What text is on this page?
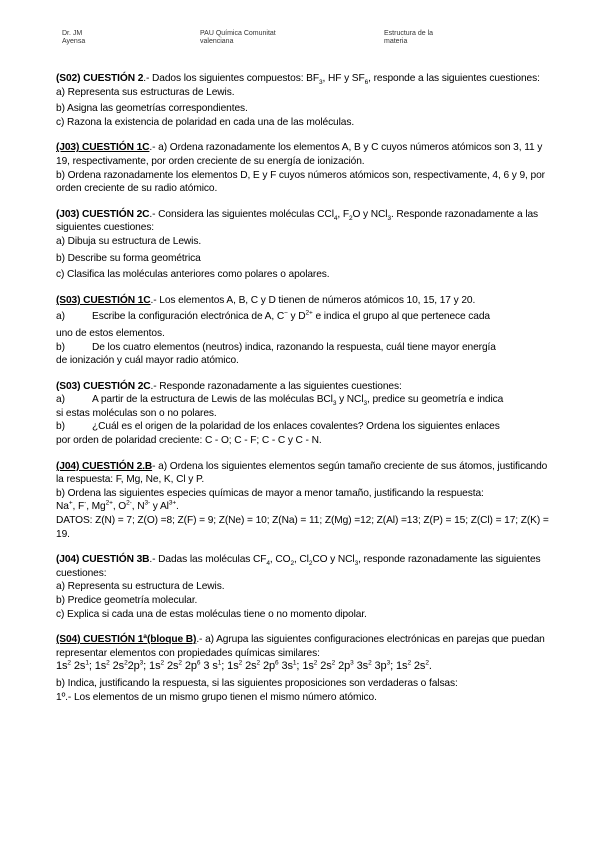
Dr. JM
Ayensa
PAU Química Comunitat
valenciana
Estructura de la
materia

(S02) CUESTIÓN 2.- Dados los siguientes compuestos: $BF_3$, HF y $SF_6$, responde a las siguientes cuestiones:

a) Representa sus estructuras de Lewis.

b) Asigna las geometrías correspondientes.

c) Razona la existencia de polaridad en cada una de las moléculas.

(J03) CUESTIÓN 1C.- a) Ordena razonadamente los elementos A, B y C cuyos números atómicos son 3, 11 y 19, respectivamente, por orden creciente de su energía de ionización.

b) Ordena razonadamente los elementos D, E y F cuyos números atómicos son, respectivamente, 4, 6 y 9, por orden creciente de su radio atómico.

(J03) CUESTIÓN 2C.- Considera las siguientes moléculas CCl$_4$, $F_2O$ y NCl$_3$. Responde razonadamente a las siguientes cuestiones:

a) Dibuja su estructura de Lewis.

b) Describe su forma geométrica

c) Clasifica las moléculas anteriores como polares o apolares.

(S03) CUESTIÓN 1C.- Los elementos A, B, C y D tienen de números atómicos 10, 15, 17 y 20.

a)	Escribe la configuración electrónica de A, C− y $D^{2+}$ e indica el grupo al que pertenece cada

uno de estos elementos.

b)	De los cuatro elementos (neutros) indica, razonando la respuesta, cuál tiene mayor energía

de ionización y cuál mayor radio atómico.

(S03) CUESTIÓN 2C.- Responde razonadamente a las siguientes cuestiones:

a)	A partir de la estructura de Lewis de las moléculas BCl$_3$ y NCl$_3$, predice su geometría e indica

si estas moléculas son o no polares.

b)	¿Cuál es el origen de la polaridad de los enlaces covalentes? Ordena los siguientes enlaces

por orden de polaridad creciente: C - O; C - F; C - C y C - N.

(J04) CUESTIÓN 2.B- a) Ordena los siguientes elementos según tamaño creciente de sus átomos, justificando la respuesta: F, Mg, Ne, K, Cl y P.

b) Ordena las siguientes especies químicas de mayor a menor tamaño, justificando la respuesta:

Na+, F-, $Mg^{2+}$, $O^{2-}$, $N^{3-}$ y $Al^{3+}$.

DATOS: Z(N) = 7; Z(O) =8; Z(F) = 9; Z(Ne) = 10; Z(Na) = 11; Z(Mg) =12; Z(Al) =13; Z(P) = 15; Z(Cl) = 17; Z(K) = 19.

(J04) CUESTIÓN 3B.- Dadas las moléculas $CF_4$, $CO_2$, $Cl_2CO$ y NCl$_3$, responde razonadamente las siguientes cuestiones:

a) Representa su estructura de Lewis.

b) Predice geometría molecular.

c) Explica si cada una de estas moléculas tiene o no momento dipolar.

(S04) CUESTIÓN 1ª(bloque B).- a) Agrupa las siguientes configuraciones electrónicas en parejas que puedan representar elementos con propiedades químicas similares:

$1s^2$ $2s^1$; $1s^2$ $2s^22p^3$; $1s^2$ $2s^2$ $2p^6$ 3 $s^1$; $1s^2$ $2s^2$ $2p^6$ $3s^1$; $1s^2$ $2s^2$ $2p^3$ $3s^2$ $3p^3$; $1s^2$ $2s^2$.

b) Indica, justificando la respuesta, si las siguientes proposiciones son verdaderas o falsas:

1º.- Los elementos de un mismo grupo tienen el mismo número atómico.
